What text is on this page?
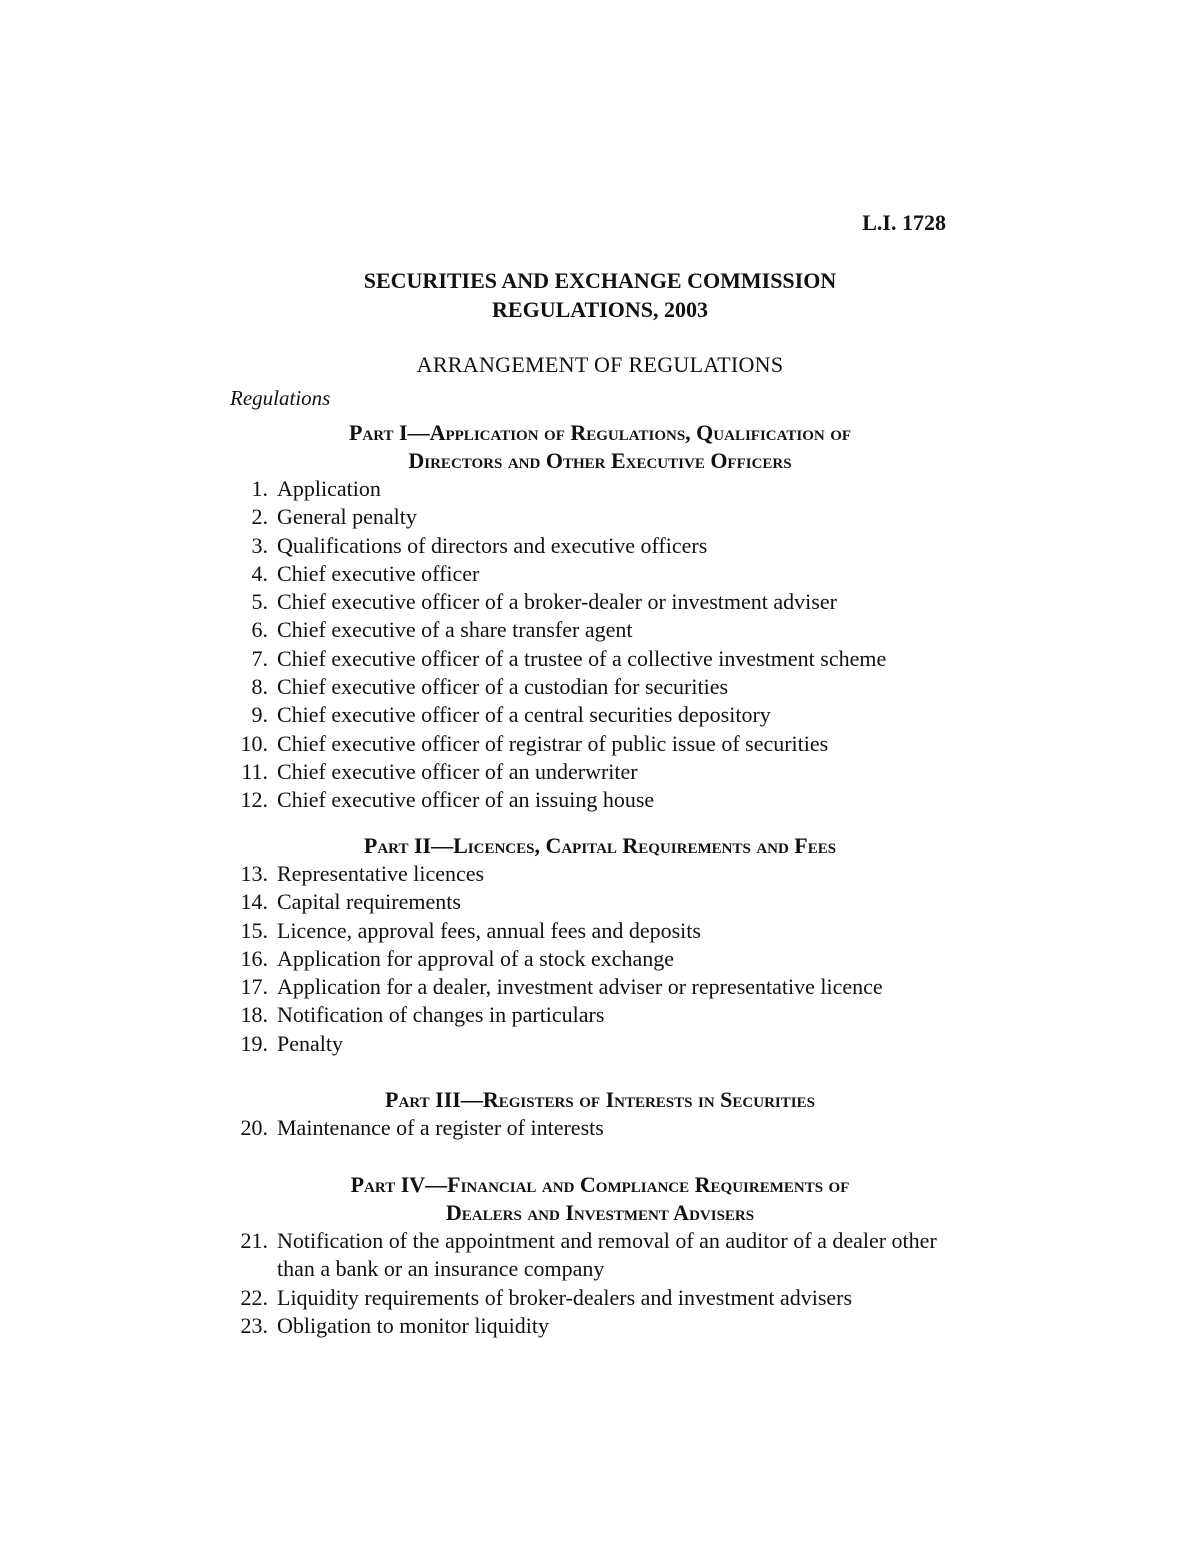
L.I. 1728
SECURITIES AND EXCHANGE COMMISSION
REGULATIONS, 2003
ARRANGEMENT OF REGULATIONS
Regulations
Part I—Application of Regulations, Qualification of
Directors and Other Executive Officers
1. Application
2. General penalty
3. Qualifications of directors and executive officers
4. Chief executive officer
5. Chief executive officer of a broker-dealer or investment adviser
6. Chief executive of a share transfer agent
7. Chief executive officer of a trustee of a collective investment scheme
8. Chief executive officer of a custodian for securities
9. Chief executive officer of a central securities depository
10. Chief executive officer of registrar of public issue of securities
11. Chief executive officer of an underwriter
12. Chief executive officer of an issuing house
Part II—Licences, Capital Requirements and Fees
13. Representative licences
14. Capital requirements
15. Licence, approval fees, annual fees and deposits
16. Application for approval of a stock exchange
17. Application for a dealer, investment adviser or representative licence
18. Notification of changes in particulars
19. Penalty
Part III—Registers of Interests in Securities
20. Maintenance of a register of interests
Part IV—Financial and Compliance Requirements of
Dealers and Investment Advisers
21. Notification of the appointment and removal of an auditor of a dealer other than a bank or an insurance company
22. Liquidity requirements of broker-dealers and investment advisers
23. Obligation to monitor liquidity
